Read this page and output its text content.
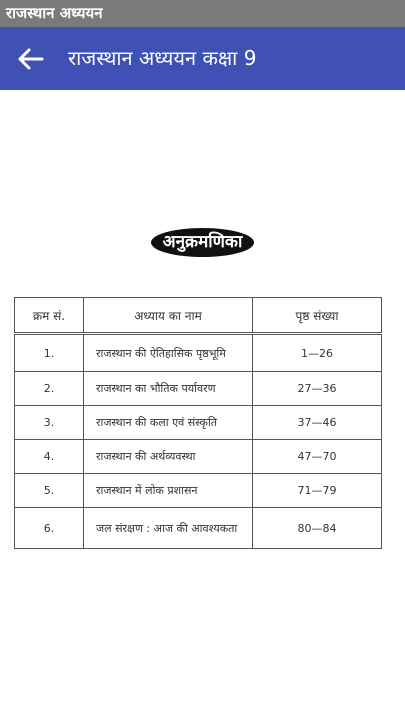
राजस्थान अध्ययन
राजस्थान अध्ययन कक्षा 9
अनुक्रमणिका
क्रम सं.	अध्याय का नाम	पृष्ठ संख्या
1.	राजस्थान की ऐतिहासिक पृष्ठभूमि	1—26
2.	राजस्थान का भौतिक पर्यावरण	27—36
3.	राजस्थान की कला एवं संस्कृति	37—46
4.	राजस्थान की अर्थव्यवस्था	47—70
5.	राजस्थान में लोक प्रशासन	71—79
6.	जल संरक्षण : आज की आवश्यकता	80—84
